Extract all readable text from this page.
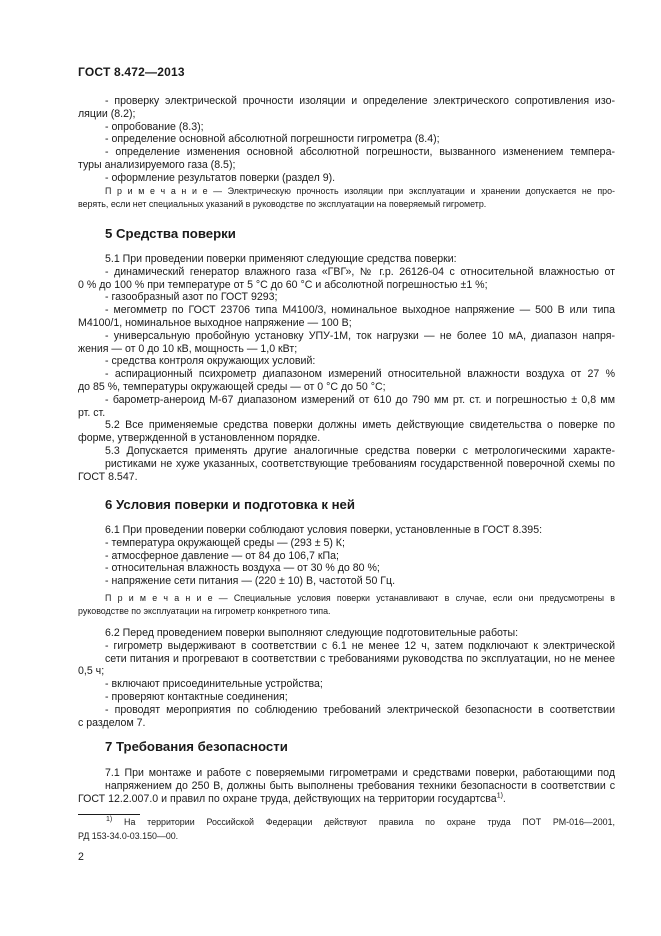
ГОСТ 8.472—2013
- проверку электрической прочности изоляции и определение электрического сопротивления изо-
ляции (8.2);
- опробование (8.3);
- определение основной абсолютной погрешности гигрометра (8.4);
- определение изменения основной абсолютной погрешности, вызванного изменением темпера-
туры анализируемого газа (8.5);
- оформление результатов поверки (раздел 9).
П р и м е ч а н и е — Электрическую прочность изоляции при эксплуатации и хранении допускается не про-
верять, если нет специальных указаний в руководстве по эксплуатации на поверяемый гигрометр.
5 Средства поверки
5.1 При проведении поверки применяют следующие средства поверки:
- динамический генератор влажного газа «ГВГ», № г.р. 26126-04 с относительной влажностью от
0 % до 100 % при температуре от 5 °С до 60 °С и абсолютной погрешностью ±1 %;
- газообразный азот по ГОСТ 9293;
- мегомметр по ГОСТ 23706 типа М4100/3, номинальное выходное напряжение — 500 В или типа
М4100/1, номинальное выходное напряжение — 100 В;
- универсальную пробойную установку УПУ-1М, ток нагрузки — не более 10 мА, диапазон напря-
жения — от 0 до 10 кВ, мощность — 1,0 кВт;
- средства контроля окружающих условий:
- аспирационный психрометр диапазоном измерений относительной влажности воздуха от 27 %
до 85 %, температуры окружающей среды — от 0 °С до 50 °С;
- барометр-анероид М-67 диапазоном измерений от 610 до 790 мм рт. ст. и погрешностью ± 0,8 мм
рт. ст.
5.2 Все применяемые средства поверки должны иметь действующие свидетельства о поверке по
форме, утвержденной в установленном порядке.
5.3 Допускается применять другие аналогичные средства поверки с метрологическими характе-
ристиками не хуже указанных, соответствующие требованиям государственной поверочной схемы по
ГОСТ 8.547.
6 Условия поверки и подготовка к ней
6.1 При проведении поверки соблюдают условия поверки, установленные в ГОСТ 8.395:
- температура окружающей среды — (293 ± 5) К;
- атмосферное давление — от 84 до 106,7 кПа;
- относительная влажность воздуха — от 30 % до 80 %;
- напряжение сети питания — (220 ± 10) В, частотой 50 Гц.
П р и м е ч а н и е — Специальные условия поверки устанавливают в случае, если они предусмотрены в
руководстве по эксплуатации на гигрометр конкретного типа.
6.2 Перед проведением поверки выполняют следующие подготовительные работы:
- гигрометр выдерживают в соответствии с 6.1 не менее 12 ч, затем подключают к электрической
сети питания и прогревают в соответствии с требованиями руководства по эксплуатации, но не менее
0,5 ч;
- включают присоединительные устройства;
- проверяют контактные соединения;
- проводят мероприятия по соблюдению требований электрической безопасности в соответствии
с разделом 7.
7 Требования безопасности
7.1 При монтаже и работе с поверяемыми гигрометрами и средствами поверки, работающими под
напряжением до 250 В, должны быть выполнены требования техники безопасности в соответствии с
ГОСТ 12.2.007.0 и правил по охране труда, действующих на территории государтсва$^{1)}$.
$^{1)}$ На территории Российской Федерации действуют правила по охране труда ПОТ РМ-016—2001,
РД 153-34.0-03.150—00.
2
